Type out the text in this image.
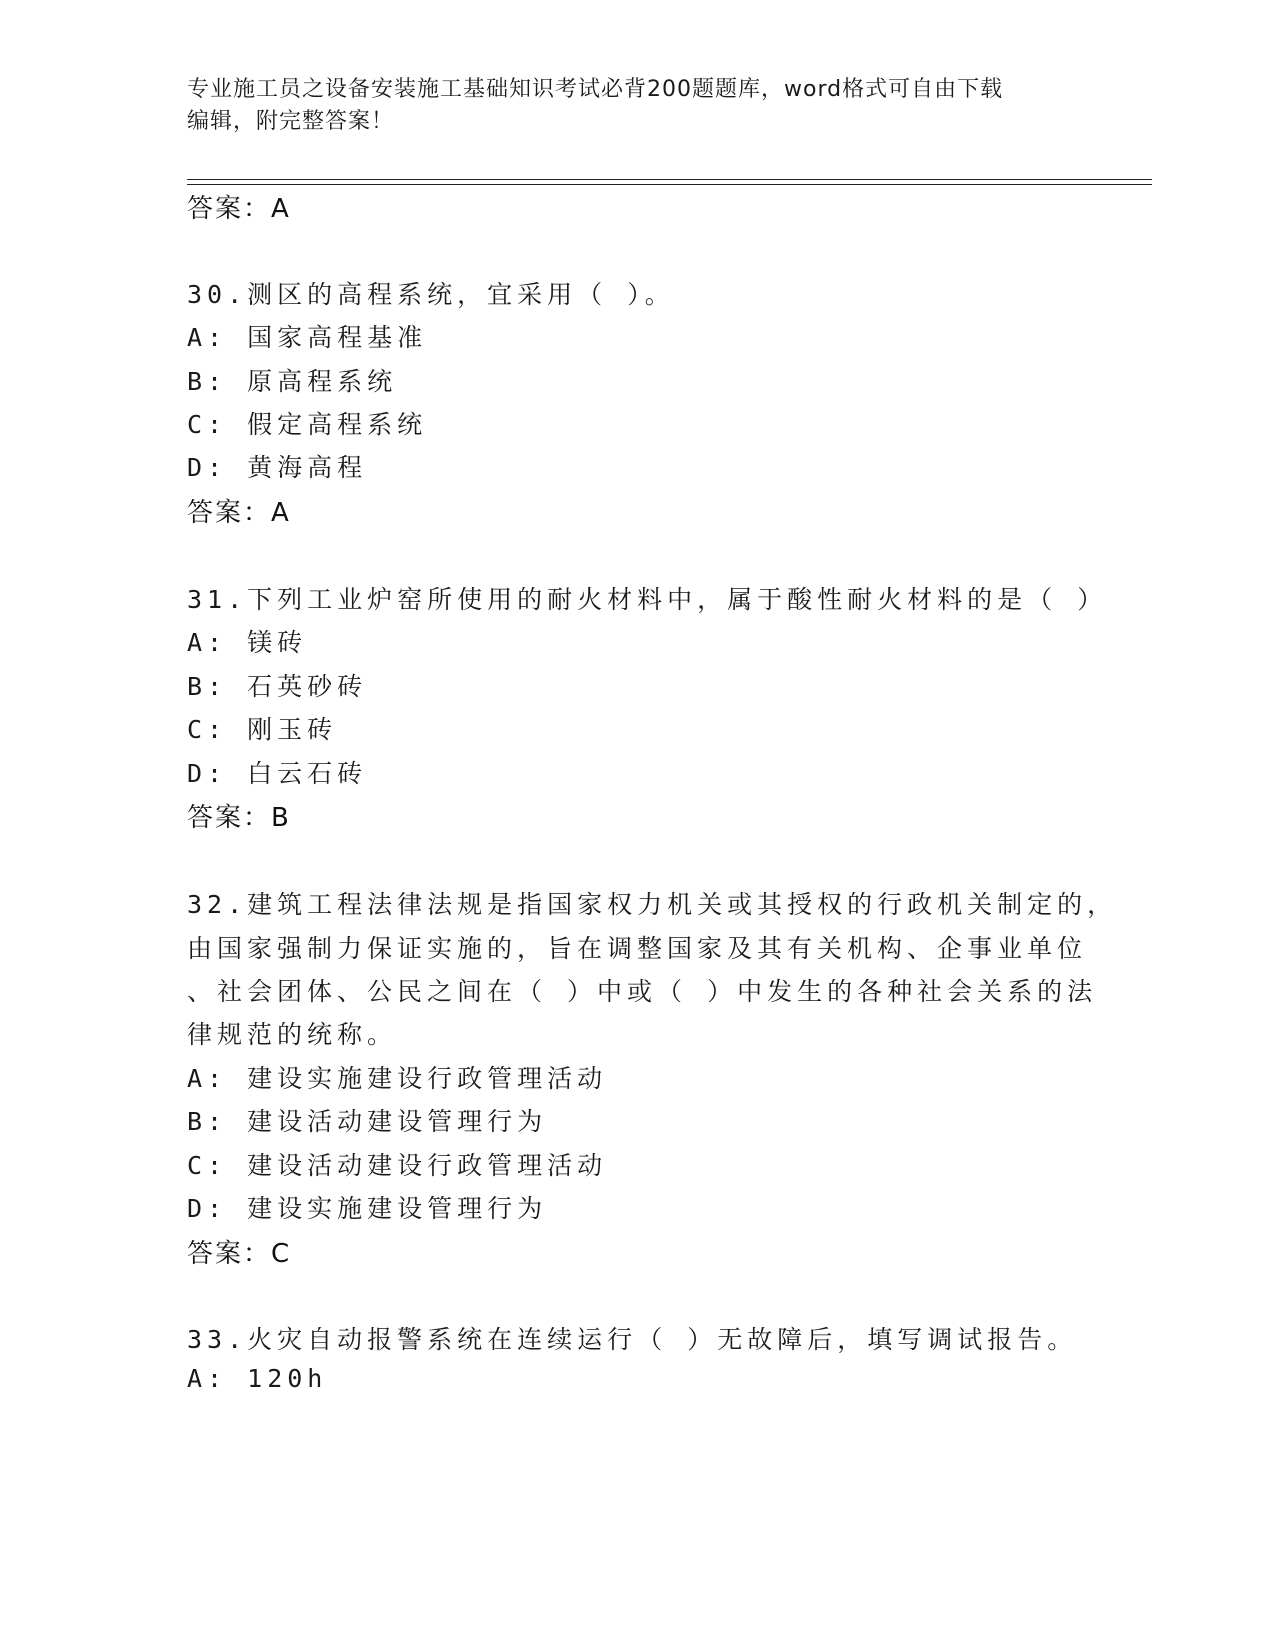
专业施工员之设备安装施工基础知识考试必背200题题库，word格式可自由下载
编辑，附完整答案！
答案：A
30.测区的高程系统，宜采用（ ）。
A: 国家高程基准
B: 原高程系统
C: 假定高程系统
D: 黄海高程
答案：A
31.下列工业炉窑所使用的耐火材料中，属于酸性耐火材料的是（ ）
A: 镁砖
B: 石英砂砖
C: 刚玉砖
D: 白云石砖
答案：B
32.建筑工程法律法规是指国家权力机关或其授权的行政机关制定的，
由国家强制力保证实施的，旨在调整国家及其有关机构、企事业单位
、社会团体、公民之间在（ ）中或（ ）中发生的各种社会关系的法
律规范的统称。
A: 建设实施建设行政管理活动
B: 建设活动建设管理行为
C: 建设活动建设行政管理活动
D: 建设实施建设管理行为
答案：C
33.火灾自动报警系统在连续运行（ ）无故障后，填写调试报告。
A: 120h
